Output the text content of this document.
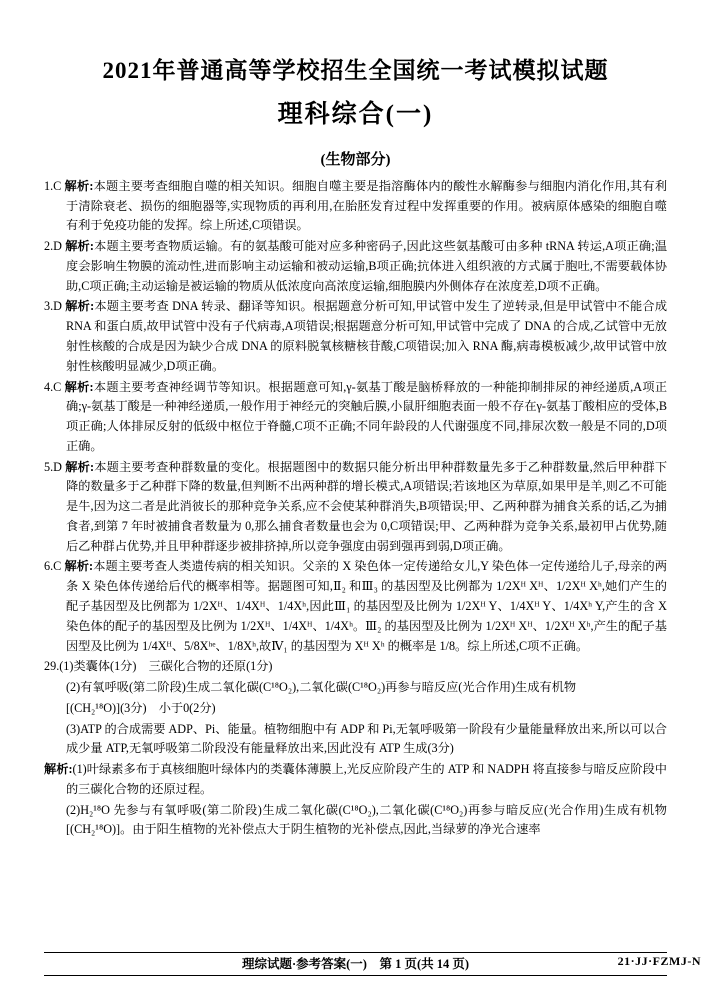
2021年普通高等学校招生全国统一考试模拟试题
理科综合(一)
(生物部分)
1.C 解析:本题主要考查细胞自噬的相关知识。细胞自噬主要是指溶酶体内的酸性水解酶参与细胞内消化作用,其有利于清除衰老、损伤的细胞器等,实现物质的再利用,在胎胚发育过程中发挥重要的作用。被病原体感染的细胞自噬有利于免疫功能的发挥。综上所述,C项错误。
2.D 解析:本题主要考查物质运输。有的氨基酸可能对应多种密码子,因此这些氨基酸可由多种 tRNA 转运,A项正确;温度会影响生物膜的流动性,进而影响主动运输和被动运输,B项正确;抗体进入组织液的方式属于胞吐,不需要载体协助,C项正确;主动运输是被运输的物质从低浓度向高浓度运输,细胞膜内外侧体存在浓度差,D项不正确。
3.D 解析:本题主要考查 DNA 转录、翻译等知识。根据题意分析可知,甲试管中发生了逆转录,但是甲试管中不能合成 RNA 和蛋白质,故甲试管中没有子代病毒,A项错误;根据题意分析可知,甲试管中完成了 DNA 的合成,乙试管中无放射性核酸的合成是因为缺少合成 DNA 的原料脱氧核糖核苷酸,C项错误;加入 RNA 酶,病毒模板减少,故甲试管中放射性核酸明显减少,D项正确。
4.C 解析:本题主要考查神经调节等知识。根据题意可知,γ-氨基丁酸是脑桥释放的一种能抑制排尿的神经递质,A项正确;γ-氨基丁酸是一种神经递质,一般作用于神经元的突触后膜,小鼠肝细胞表面一般不存在γ-氨基丁酸相应的受体,B项正确;人体排尿反射的低级中枢位于脊髓,C项不正确;不同年龄段的人代谢强度不同,排尿次数一般是不同的,D项正确。
5.D 解析:本题主要考查种群数量的变化。根据题图中的数据只能分析出甲种群数量先多于乙种群数量,然后甲种群下降的数量多于乙种群下降的数量,但判断不出两种群的增长模式,A项错误;若该地区为草原,如果甲是羊,则乙不可能是牛,因为这二者是此消彼长的那种竞争关系,应不会使某种群消失,B项错误;甲、乙两种群为捕食关系的话,乙为捕食者,到第 7 年时被捕食者数量为 0,那么捕食者数量也会为 0,C项错误;甲、乙两种群为竞争关系,最初甲占优势,随后乙种群占优势,并且甲种群逐步被排挤掉,所以竞争强度由弱到强再到弱,D项正确。
6.C 解析:本题主要考查人类遗传病的相关知识。父亲的 X 染色体一定传递给女儿,Y 染色体一定传递给儿子,母亲的两条 X 染色体传递给后代的概率相等。据题图可知,Ⅱ₂ 和Ⅲ₃ 的基因型及比例都为 1/2Xᴴ Xᴴ、1/2Xᴴ Xʰ,她们产生的配子基因型及比例都为 1/2Xᴴ、1/4Xᴴ、1/4Xʰ,因此Ⅲ₁ 的基因型及比例为 1/2Xᴴ Y、1/4Xᴴ Y、1/4Xʰ Y,产生的含 X 染色体的配子的基因型及比例为 1/2Xᴴ、1/4Xᴴ、1/4Xʰ。Ⅲ₂ 的基因型及比例为 1/2Xᴴ Xᴴ、1/2Xᴴ Xʰ,产生的配子基因型及比例为 1/4Xᴴ、5/8Xʰᵉ、1/8Xʰ,故Ⅳ₁ 的基因型为 Xᴴ Xʰ 的概率是 1/8。综上所述,C项不正确。
29.(1)类囊体(1分)　三碳化合物的还原(1分)
(2)有氧呼吸(第二阶段)生成二氧化碳(C¹⁸O₂),二氧化碳(C¹⁸O₂)再参与暗反应(光合作用)生成有机物
[(CH₂¹⁸O)](3分)　小于0(2分)
(3)ATP 的合成需要 ADP、Pi、能量。植物细胞中有 ADP 和 Pi,无氧呼吸第一阶段有少量能量释放出来,所以可以合成少量 ATP,无氧呼吸第二阶段没有能量释放出来,因此没有 ATP 生成(3分)
解析:(1)叶绿素多布于真核细胞叶绿体内的类囊体薄膜上,光反应阶段产生的 ATP 和 NADPH 将直接参与暗反应阶段中的三碳化合物的还原过程。
(2)H₂¹⁸O 先参与有氧呼吸(第二阶段)生成二氧化碳(C¹⁸O₂),二氧化碳(C¹⁸O₂)再参与暗反应(光合作用)生成有机物[(CH₂¹⁸O)]。由于阳生植物的光补偿点大于阴生植物的光补偿点,因此,当绿萝的净光合速率
理综试题·参考答案(一)　第 1 页(共 14 页)	21·JJ·FZMJ-N
